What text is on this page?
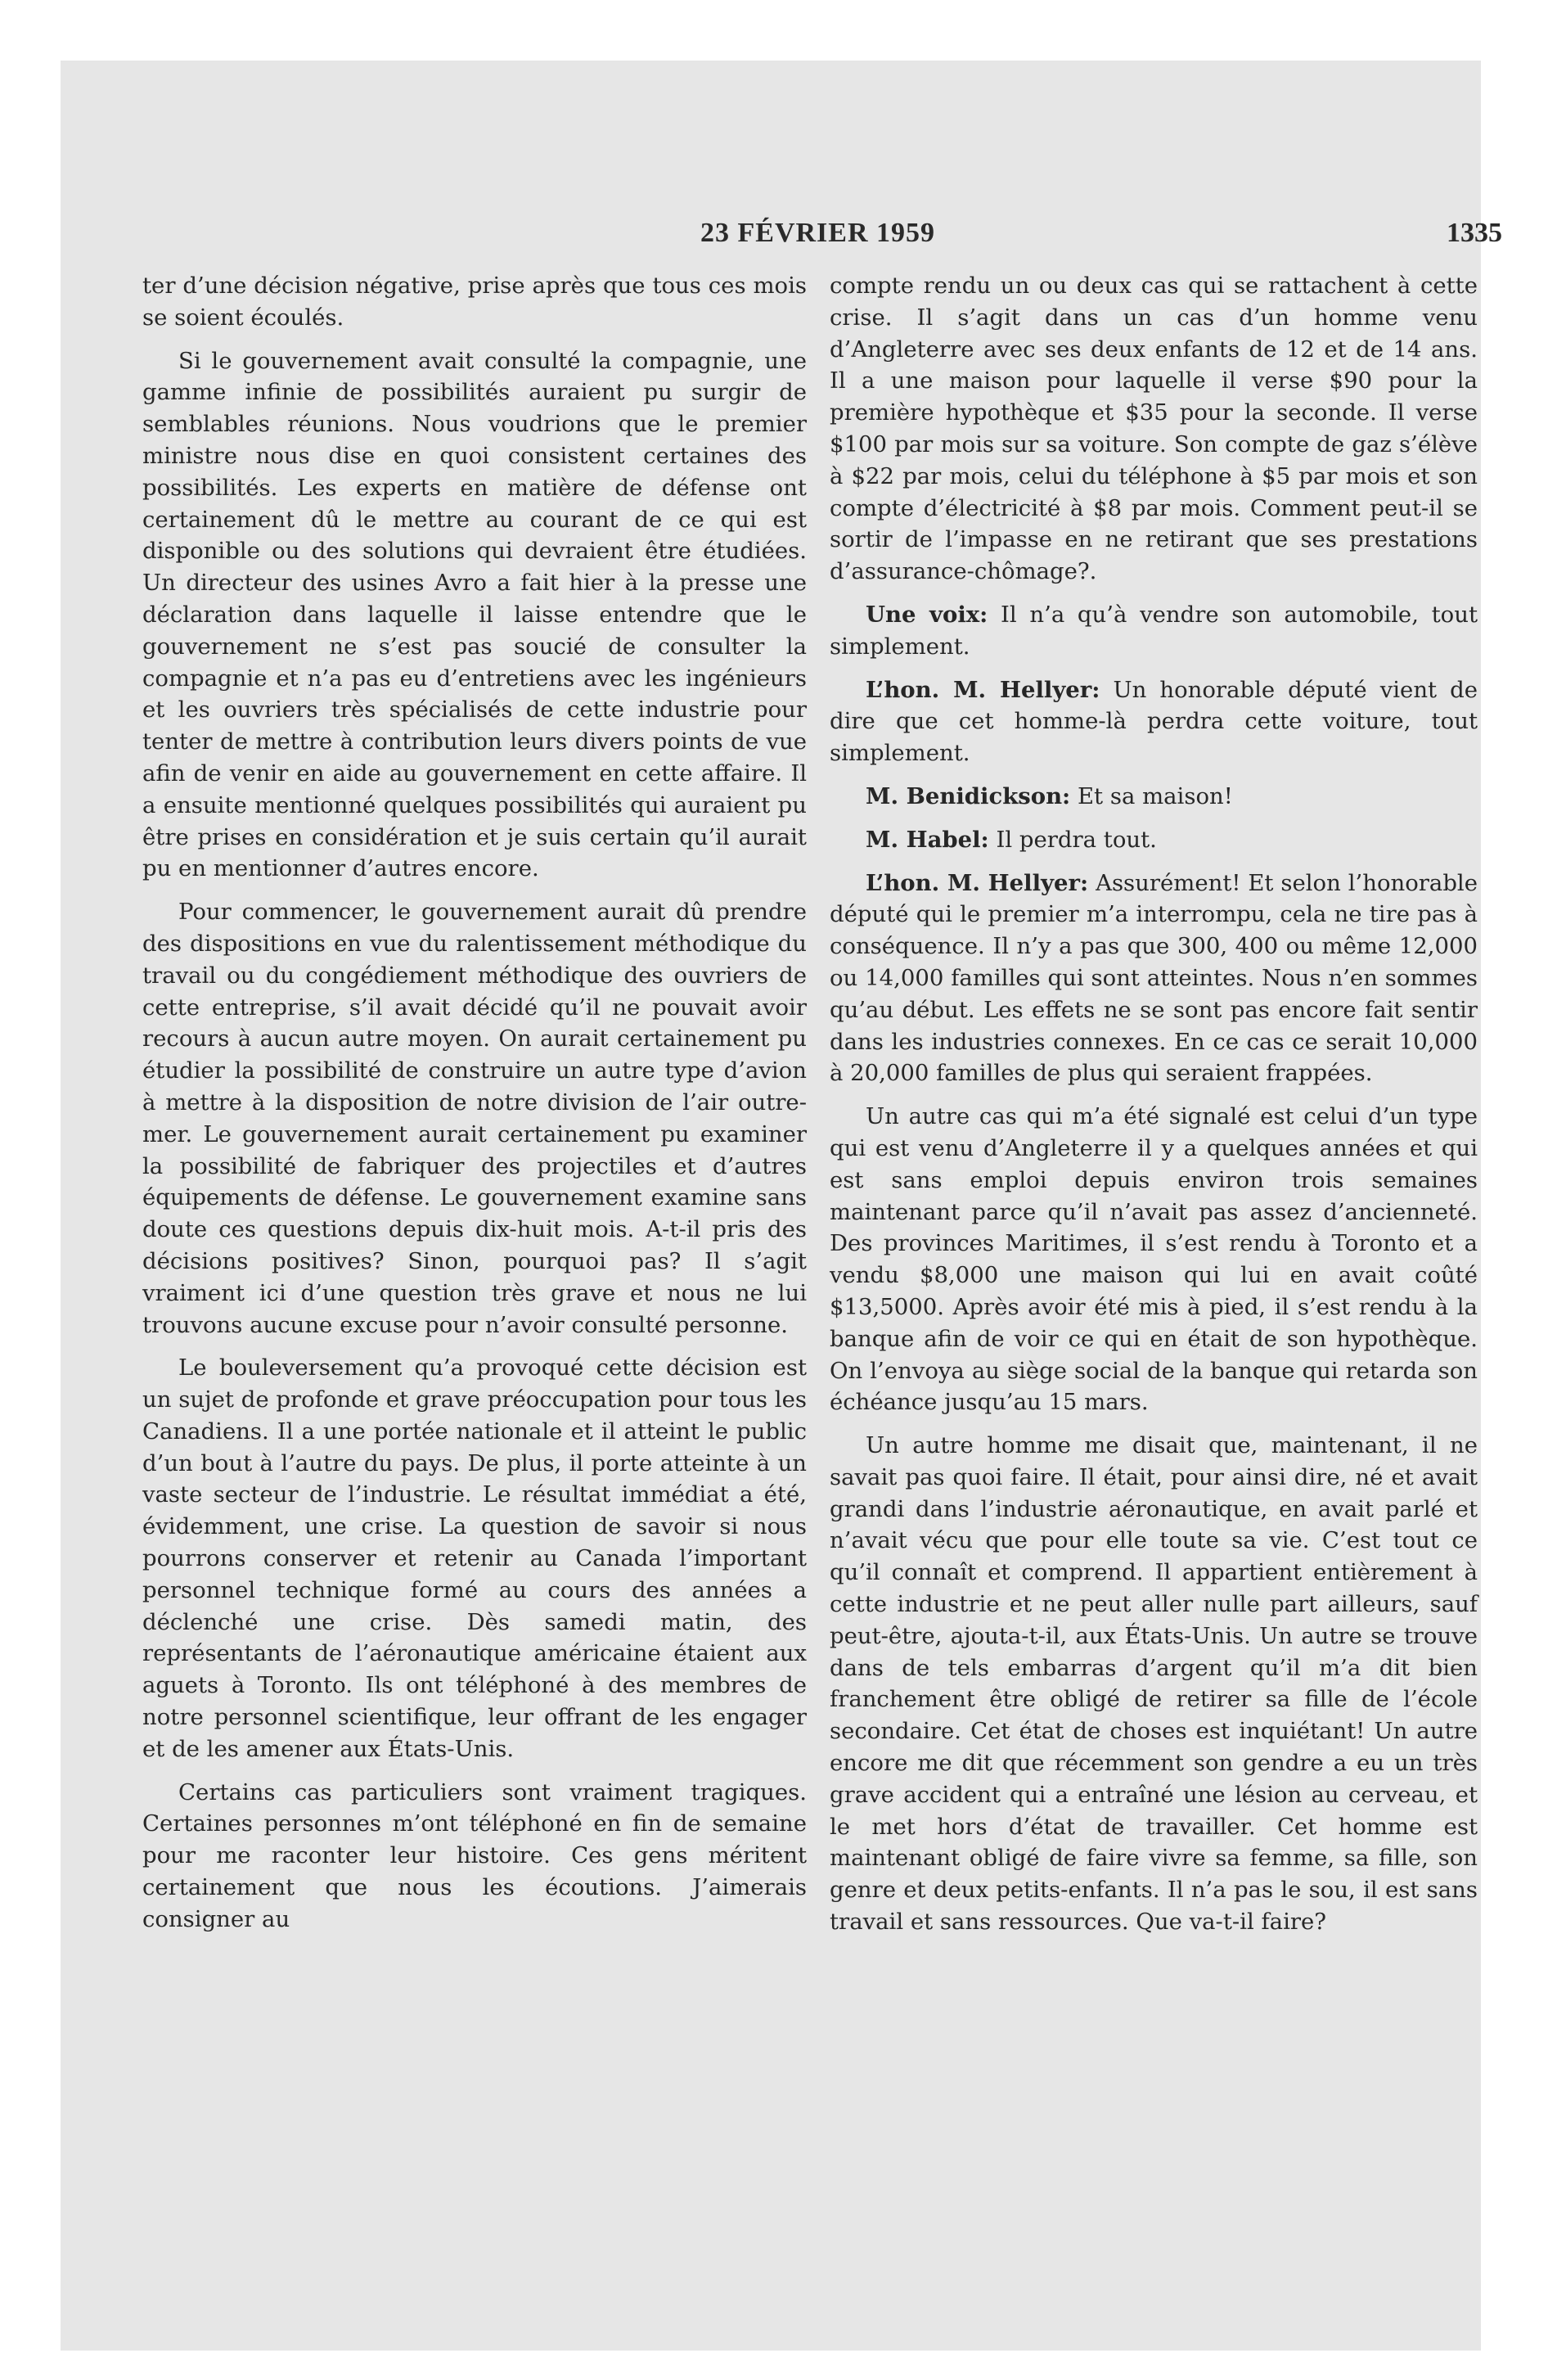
23 FÉVRIER 1959	1335

ter d’une décision négative, prise après que tous ces mois se soient écoulés.

Si le gouvernement avait consulté la compagnie, une gamme infinie de possibilités auraient pu surgir de semblables réunions. Nous voudrions que le premier ministre nous dise en quoi consistent certaines des possibilités. Les experts en matière de défense ont certainement dû le mettre au courant de ce qui est disponible ou des solutions qui devraient être étudiées. Un directeur des usines Avro a fait hier à la presse une déclaration dans laquelle il laisse entendre que le gouvernement ne s’est pas soucié de consulter la compagnie et n’a pas eu d’entretiens avec les ingénieurs et les ouvriers très spécialisés de cette industrie pour tenter de mettre à contribution leurs divers points de vue afin de venir en aide au gouvernement en cette affaire. Il a ensuite mentionné quelques possibilités qui auraient pu être prises en considération et je suis certain qu’il aurait pu en mentionner d’autres encore.

Pour commencer, le gouvernement aurait dû prendre des dispositions en vue du ralentissement méthodique du travail ou du congédiement méthodique des ouvriers de cette entreprise, s’il avait décidé qu’il ne pouvait avoir recours à aucun autre moyen. On aurait certainement pu étudier la possibilité de construire un autre type d’avion à mettre à la disposition de notre division de l’air outre-mer. Le gouvernement aurait certainement pu examiner la possibilité de fabriquer des projectiles et d’autres équipements de défense. Le gouvernement examine sans doute ces questions depuis dix-huit mois. A-t-il pris des décisions positives? Sinon, pourquoi pas? Il s’agit vraiment ici d’une question très grave et nous ne lui trouvons aucune excuse pour n’avoir consulté personne.

Le bouleversement qu’a provoqué cette décision est un sujet de profonde et grave préoccupation pour tous les Canadiens. Il a une portée nationale et il atteint le public d’un bout à l’autre du pays. De plus, il porte atteinte à un vaste secteur de l’industrie. Le résultat immédiat a été, évidemment, une crise. La question de savoir si nous pourrons conserver et retenir au Canada l’important personnel technique formé au cours des années a déclenché une crise. Dès samedi matin, des représentants de l’aéronautique américaine étaient aux aguets à Toronto. Ils ont téléphoné à des membres de notre personnel scientifique, leur offrant de les engager et de les amener aux États-Unis.

Certains cas particuliers sont vraiment tragiques. Certaines personnes m’ont téléphoné en fin de semaine pour me raconter leur histoire. Ces gens méritent certainement que nous les écoutions. J’aimerais consigner au

compte rendu un ou deux cas qui se rattachent à cette crise. Il s’agit dans un cas d’un homme venu d’Angleterre avec ses deux enfants de 12 et de 14 ans. Il a une maison pour laquelle il verse $90 pour la première hypothèque et $35 pour la seconde. Il verse $100 par mois sur sa voiture. Son compte de gaz s’élève à $22 par mois, celui du téléphone à $5 par mois et son compte d’électricité à $8 par mois. Comment peut-il se sortir de l’impasse en ne retirant que ses prestations d’assurance-chômage?.

Une voix: Il n’a qu’à vendre son automobile, tout simplement.

L’hon. M. Hellyer: Un honorable député vient de dire que cet homme-là perdra cette voiture, tout simplement.

M. Benidickson: Et sa maison!

M. Habel: Il perdra tout.

L’hon. M. Hellyer: Assurément! Et selon l’honorable député qui le premier m’a interrompu, cela ne tire pas à conséquence. Il n’y a pas que 300, 400 ou même 12,000 ou 14,000 familles qui sont atteintes. Nous n’en sommes qu’au début. Les effets ne se sont pas encore fait sentir dans les industries connexes. En ce cas ce serait 10,000 à 20,000 familles de plus qui seraient frappées.

Un autre cas qui m’a été signalé est celui d’un type qui est venu d’Angleterre il y a quelques années et qui est sans emploi depuis environ trois semaines maintenant parce qu’il n’avait pas assez d’ancienneté. Des provinces Maritimes, il s’est rendu à Toronto et a vendu $8,000 une maison qui lui en avait coûté $13,5000. Après avoir été mis à pied, il s’est rendu à la banque afin de voir ce qui en était de son hypothèque. On l’envoya au siège social de la banque qui retarda son échéance jusqu’au 15 mars.

Un autre homme me disait que, maintenant, il ne savait pas quoi faire. Il était, pour ainsi dire, né et avait grandi dans l’industrie aéronautique, en avait parlé et n’avait vécu que pour elle toute sa vie. C’est tout ce qu’il connaît et comprend. Il appartient entièrement à cette industrie et ne peut aller nulle part ailleurs, sauf peut-être, ajouta-t-il, aux États-Unis. Un autre se trouve dans de tels embarras d’argent qu’il m’a dit bien franchement être obligé de retirer sa fille de l’école secondaire. Cet état de choses est inquiétant! Un autre encore me dit que récemment son gendre a eu un très grave accident qui a entraîné une lésion au cerveau, et le met hors d’état de travailler. Cet homme est maintenant obligé de faire vivre sa femme, sa fille, son genre et deux petits-enfants. Il n’a pas le sou, il est sans travail et sans ressources. Que va-t-il faire?
